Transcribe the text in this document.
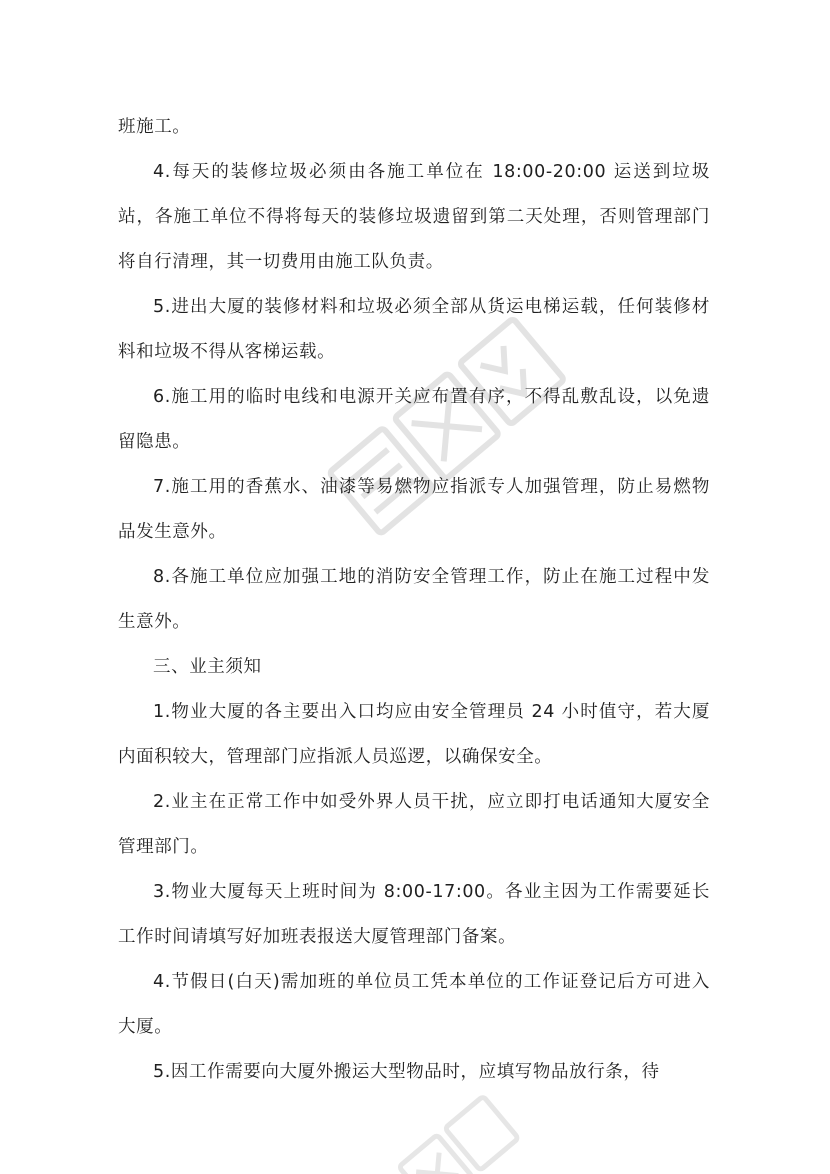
班施工。

4.每天的装修垃圾必须由各施工单位在 18:00-20:00 运送到垃圾站，各施工单位不得将每天的装修垃圾遗留到第二天处理，否则管理部门将自行清理，其一切费用由施工队负责。

5.进出大厦的装修材料和垃圾必须全部从货运电梯运载，任何装修材料和垃圾不得从客梯运载。

6.施工用的临时电线和电源开关应布置有序，不得乱敷乱设，以免遗留隐患。

7.施工用的香蕉水、油漆等易燃物应指派专人加强管理，防止易燃物品发生意外。

8.各施工单位应加强工地的消防安全管理工作，防止在施工过程中发生意外。

三、业主须知

1.物业大厦的各主要出入口均应由安全管理员 24 小时值守，若大厦内面积较大，管理部门应指派人员巡逻，以确保安全。

2.业主在正常工作中如受外界人员干扰，应立即打电话通知大厦安全管理部门。

3.物业大厦每天上班时间为 8:00-17:00。各业主因为工作需要延长工作时间请填写好加班表报送大厦管理部门备案。

4.节假日(白天)需加班的单位员工凭本单位的工作证登记后方可进入大厦。

5.因工作需要向大厦外搬运大型物品时，应填写物品放行条，待
